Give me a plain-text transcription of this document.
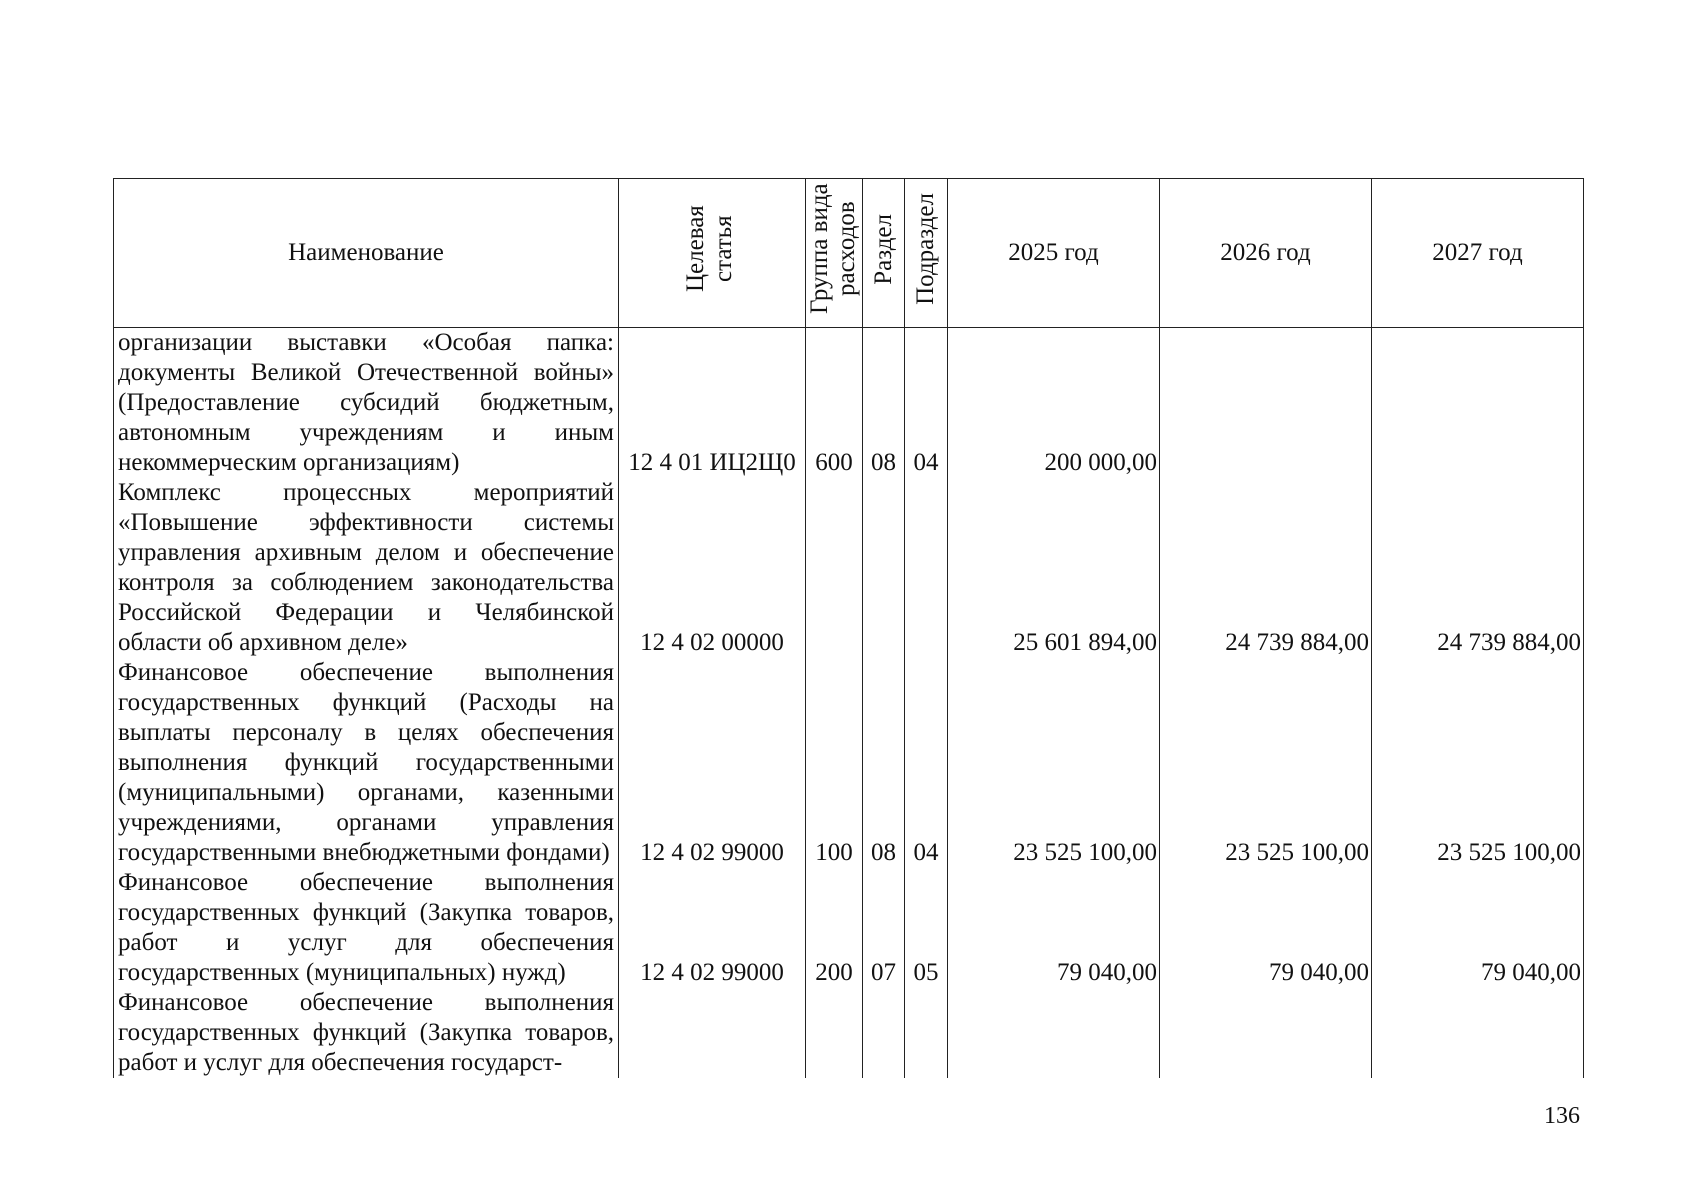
Наименование	Целевая статья	Группа вида расходов	Раздел	Подраздел	2025 год	2026 год	2027 год
организации выставки «Особая папка: документы Великой Отечественной войны» (Предоставление субсидий бюджетным, автономным учреждениям и иным некоммерческим организациям)	12 4 01 ИЦ2Щ0	600	08	04	200 000,00		
Комплекс процессных мероприятий «Повышение эффективности системы управления архивным делом и обеспечение контроля за соблюдением законодательства Российской Федерации и Челябинской области об архивном деле»	12 4 02 00000				25 601 894,00	24 739 884,00	24 739 884,00
Финансовое обеспечение выполнения государственных функций (Расходы на выплаты персоналу в целях обеспечения выполнения функций государственными (муниципальными) органами, казенными учреждениями, органами управления государственными внебюджетными фондами)	12 4 02 99000	100	08	04	23 525 100,00	23 525 100,00	23 525 100,00
Финансовое обеспечение выполнения государственных функций (Закупка товаров, работ и услуг для обеспечения государственных (муниципальных) нужд)	12 4 02 99000	200	07	05	79 040,00	79 040,00	79 040,00
Финансовое обеспечение выполнения государственных функций (Закупка товаров, работ и услуг для обеспечения государст-							
136
